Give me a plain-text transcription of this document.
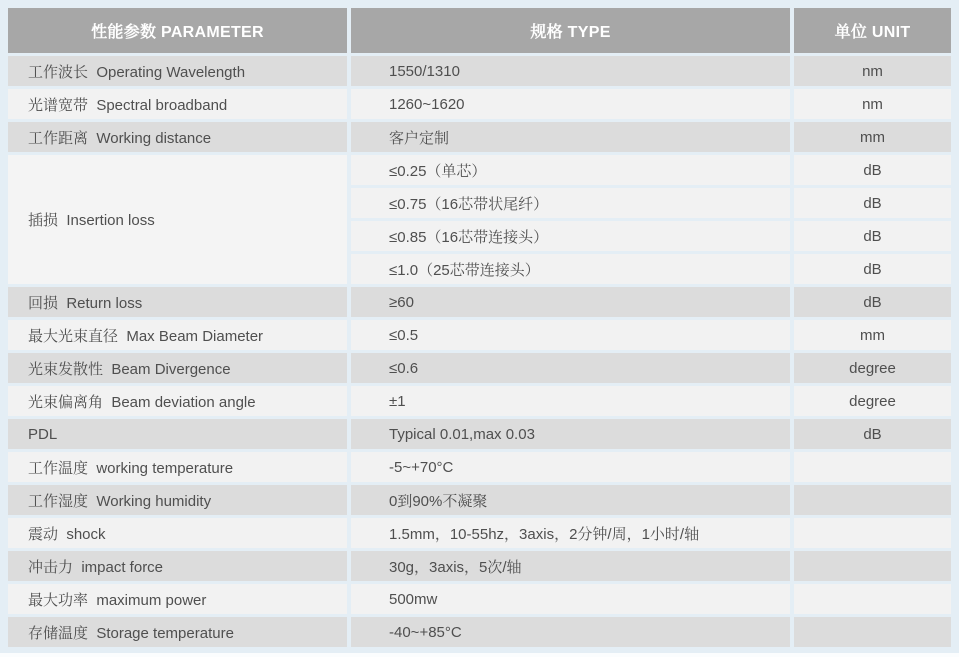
性能参数 PARAMETER	规格 TYPE	单位 UNIT
工作波长  Operating Wavelength	1550/1310	nm
光谱宽带  Spectral broadband	1260~1620	nm
工作距离  Working distance	客户定制	mm
插损  Insertion loss	≤0.25（单芯）	dB
	≤0.75（16芯带状尾纤）	dB
	≤0.85（16芯带连接头）	dB
	≤1.0（25芯带连接头）	dB
回损  Return loss	≥60	dB
最大光束直径  Max Beam Diameter	≤0.5	mm
光束发散性  Beam Divergence	≤0.6	degree
光束偏离角  Beam deviation angle	±1	degree
PDL	Typical 0.01,max 0.03	dB
工作温度  working temperature	-5~+70°C	
工作湿度  Working humidity	0到90%不凝聚	
震动  shock	1.5mm，10-55hz，3axis，2分钟/周，1小时/轴	
冲击力  impact force	30g，3axis，5次/轴	
最大功率  maximum power	500mw	
存储温度  Storage temperature	-40~+85°C	
